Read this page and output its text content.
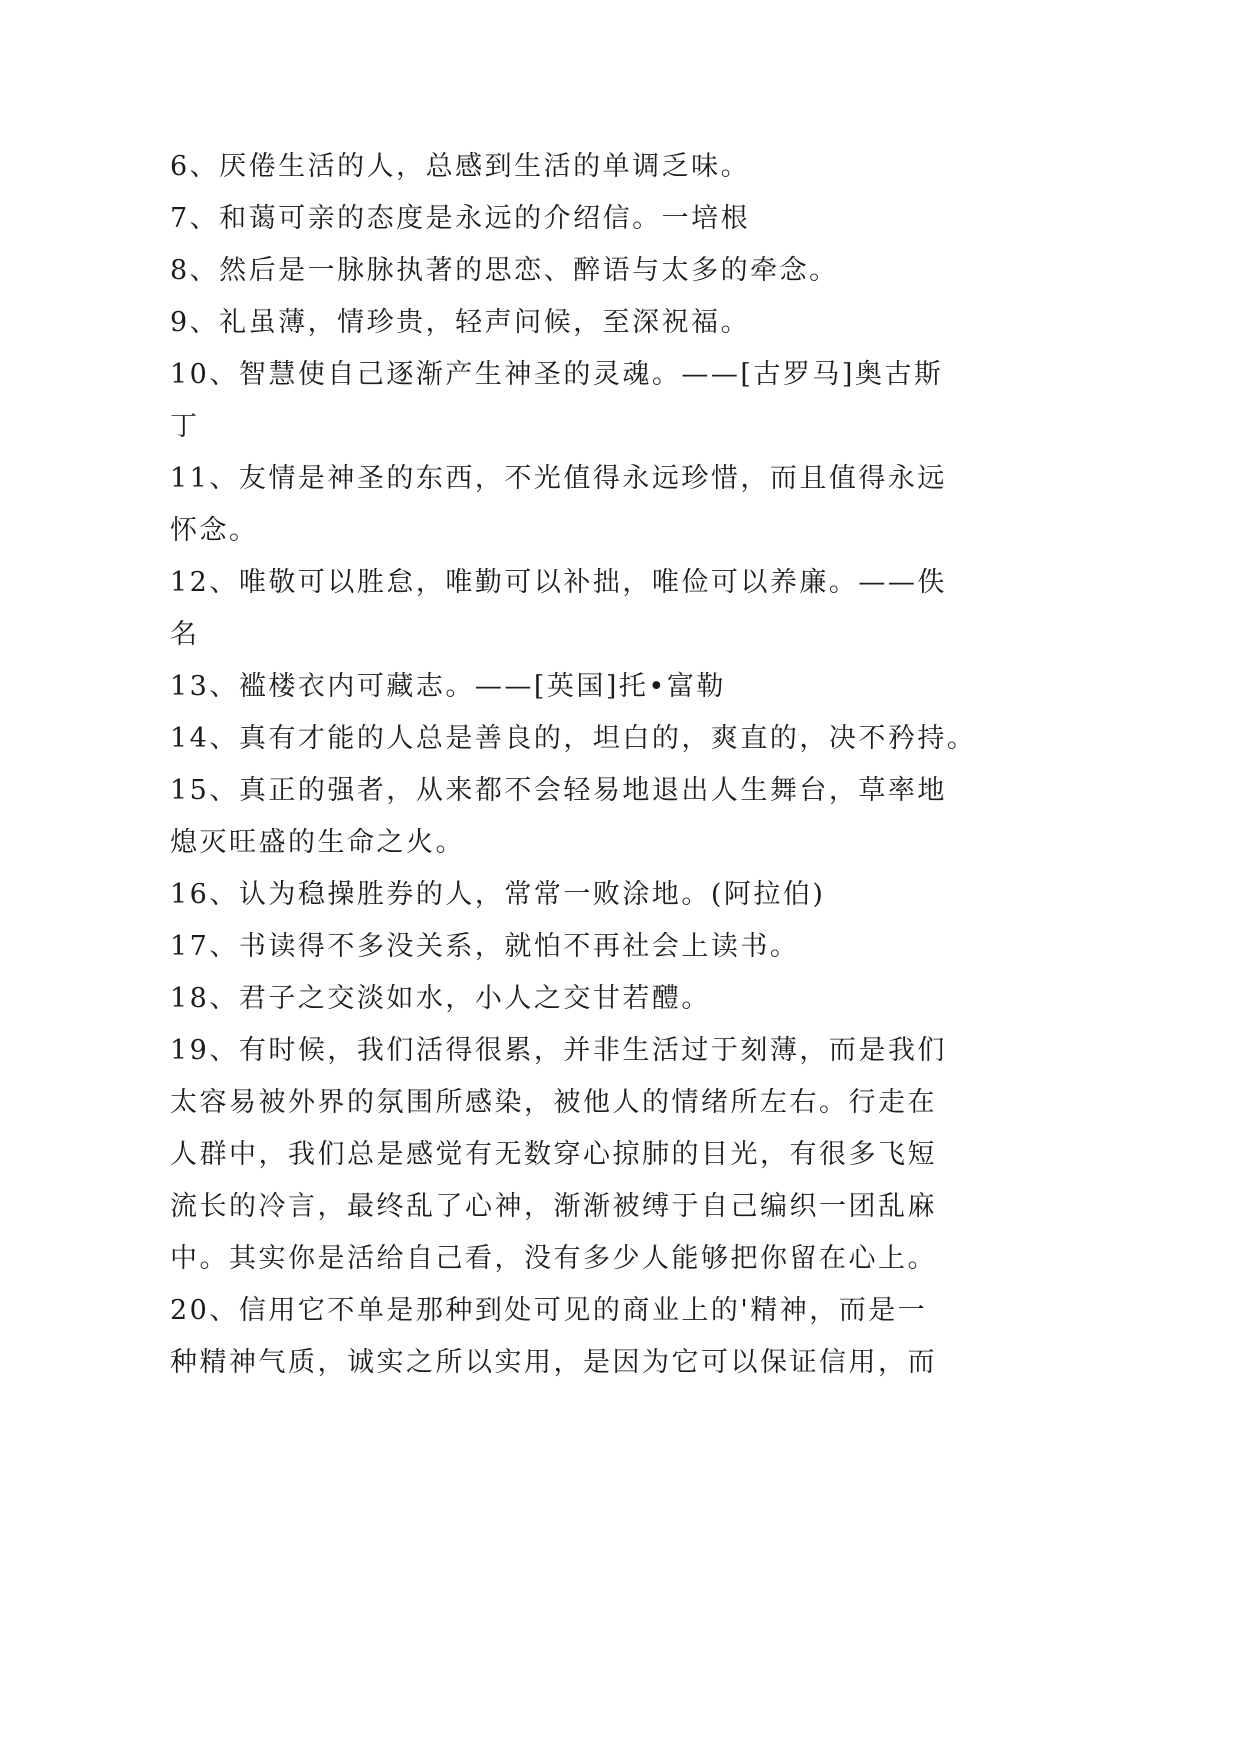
6、厌倦生活的人，总感到生活的单调乏味。
7、和蔼可亲的态度是永远的介绍信。一培根
8、然后是一脉脉执著的思恋、醉语与太多的牵念。
9、礼虽薄，情珍贵，轻声问候，至深祝福。
10、智慧使自己逐渐产生神圣的灵魂。——[古罗马]奥古斯
丁
11、友情是神圣的东西，不光值得永远珍惜，而且值得永远
怀念。
12、唯敬可以胜怠，唯勤可以补拙，唯俭可以养廉。——佚
名
13、褴楼衣内可藏志。——[英国]托•富勒
14、真有才能的人总是善良的，坦白的，爽直的，决不矜持。
15、真正的强者，从来都不会轻易地退出人生舞台，草率地
熄灭旺盛的生命之火。
16、认为稳操胜券的人，常常一败涂地。(阿拉伯)
17、书读得不多没关系，就怕不再社会上读书。
18、君子之交淡如水，小人之交甘若醴。
19、有时候，我们活得很累，并非生活过于刻薄，而是我们
太容易被外界的氛围所感染，被他人的情绪所左右。行走在
人群中，我们总是感觉有无数穿心掠肺的目光，有很多飞短
流长的冷言，最终乱了心神，渐渐被缚于自己编织一团乱麻
中。其实你是活给自己看，没有多少人能够把你留在心上。
20、信用它不单是那种到处可见的商业上的'精神，而是一
种精神气质，诚实之所以实用，是因为它可以保证信用，而
